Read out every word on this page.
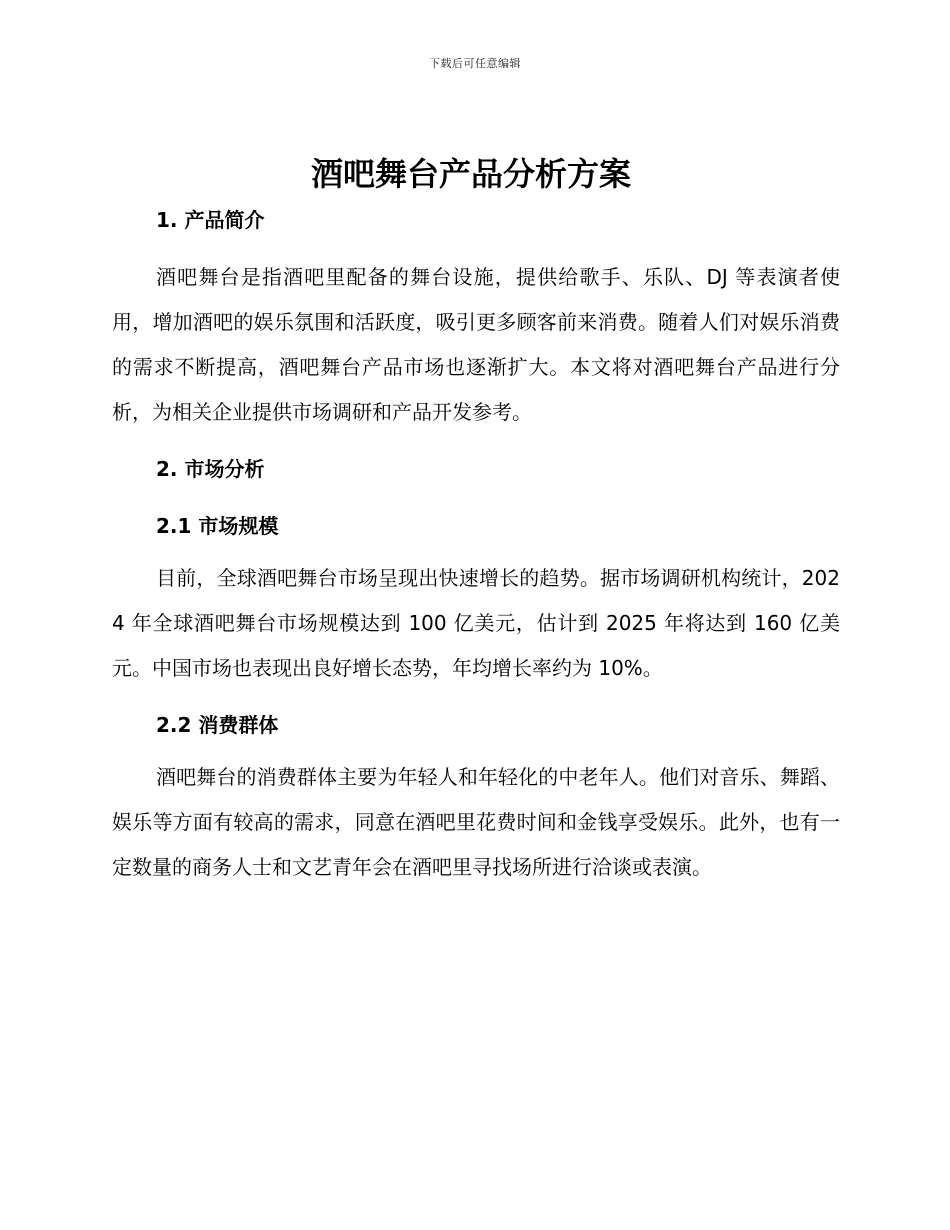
下载后可任意编辑
酒吧舞台产品分析方案
1. 产品简介

酒吧舞台是指酒吧里配备的舞台设施，提供给歌手、乐队、DJ 等表演者使用，增加酒吧的娱乐氛围和活跃度，吸引更多顾客前来消费。随着人们对娱乐消费的需求不断提高，酒吧舞台产品市场也逐渐扩大。本文将对酒吧舞台产品进行分析，为相关企业提供市场调研和产品开发参考。

2. 市场分析
2.1 市场规模

目前，全球酒吧舞台市场呈现出快速增长的趋势。据市场调研机构统计，2024 年全球酒吧舞台市场规模达到 100 亿美元，估计到 2025 年将达到 160 亿美元。中国市场也表现出良好增长态势，年均增长率约为 10%。

2.2 消费群体

酒吧舞台的消费群体主要为年轻人和年轻化的中老年人。他们对音乐、舞蹈、娱乐等方面有较高的需求，同意在酒吧里花费时间和金钱享受娱乐。此外，也有一定数量的商务人士和文艺青年会在酒吧里寻找场所进行洽谈或表演。
